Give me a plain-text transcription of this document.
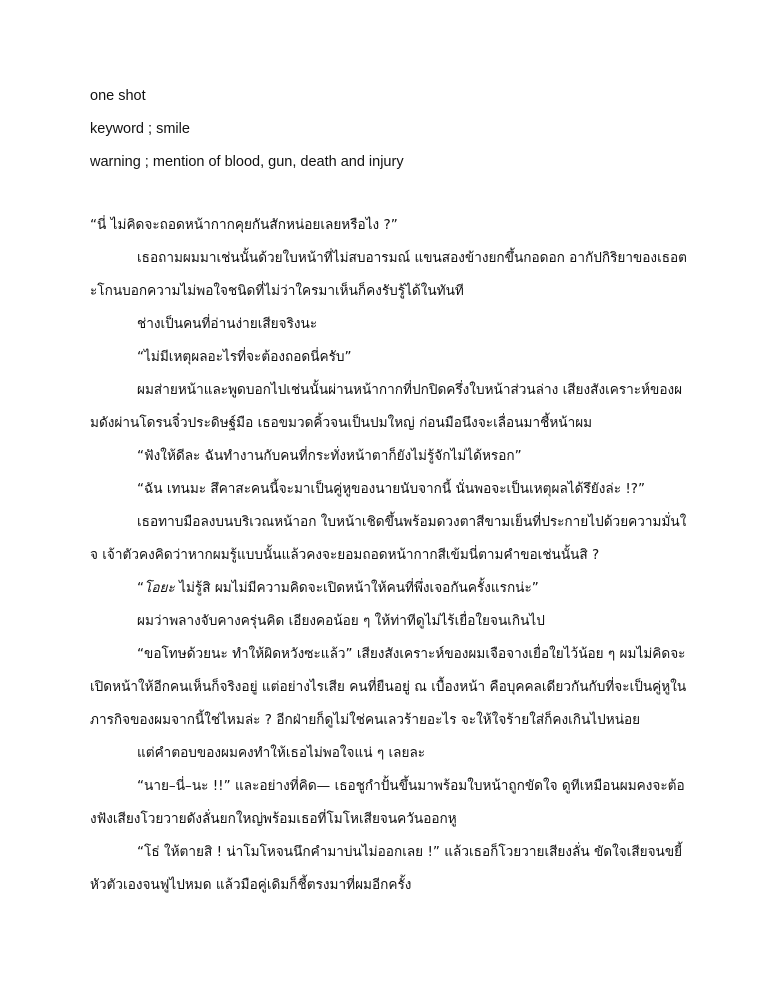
one shot

keyword ; smile

warning ; mention of blood, gun, death and injury

“นี่ ไม่คิดจะถอดหน้ากากคุยกันสักหน่อยเลยหรือไง ?”

เธอถามผมมาเช่นนั้นด้วยใบหน้าที่ไม่สบอารมณ์ แขนสองข้างยกขึ้นกอดอก อากัปกิริยาของเธอตะโกนบอกความไม่พอใจชนิดที่ไม่ว่าใครมาเห็นก็คงรับรู้ได้ในทันที

ช่างเป็นคนที่อ่านง่ายเสียจริงนะ

“ไม่มีเหตุผลอะไรที่จะต้องถอดนี่ครับ”

ผมส่ายหน้าและพูดบอกไปเช่นนั้นผ่านหน้ากากที่ปกปิดครึ่งใบหน้าส่วนล่าง เสียงสังเคราะห์ของผมดังผ่านโดรนจิ๋วประดิษฐ์มือ เธอขมวดคิ้วจนเป็นปมใหญ่ ก่อนมือนึงจะเลื่อนมาชี้หน้าผม

“ฟังให้ดีละ ฉันทำงานกับคนที่กระทั่งหน้าตาก็ยังไม่รู้จักไม่ได้หรอก”

“ฉัน เทนมะ สึคาสะคนนี้จะมาเป็นคู่หูของนายนับจากนี้ นั่นพอจะเป็นเหตุผลได้รึยังล่ะ !?”

เธอทาบมือลงบนบริเวณหน้าอก ใบหน้าเชิดขึ้นพร้อมดวงตาสีขามเย็นที่ประกายไปด้วยความมั่นใจ เจ้าตัวคงคิดว่าหากผมรู้แบบนั้นแล้วคงจะยอมถอดหน้ากากสีเข้มนี่ตามคำขอเช่นนั้นสิ ?

“โอยะ ไม่รู้สิ ผมไม่มีความคิดจะเปิดหน้าให้คนที่พึ่งเจอกันครั้งแรกน่ะ”

ผมว่าพลางจับคางครุ่นคิด เอียงคอน้อย ๆ ให้ท่าทีดูไม่ไร้เยื่อใยจนเกินไป

“ขอโทษด้วยนะ ทำให้ผิดหวังซะแล้ว” เสียงสังเคราะห์ของผมเจือจางเยื่อใยไว้น้อย ๆ ผมไม่คิดจะเปิดหน้าให้อีกคนเห็นก็จริงอยู่ แต่อย่างไรเสีย คนที่ยืนอยู่ ณ เบื้องหน้า คือบุคคลเดียวกันกับที่จะเป็นคู่หูในภารกิจของผมจากนี้ใช่ไหมล่ะ ? อีกฝ่ายก็ดูไม่ใช่คนเลวร้ายอะไร จะให้ใจร้ายใส่ก็คงเกินไปหน่อย

แต่คำตอบของผมคงทำให้เธอไม่พอใจแน่ ๆ เลยละ

“นาย–นี่–นะ !!” และอย่างที่คิด— เธอชูกำปั้นขึ้นมาพร้อมใบหน้าถูกขัดใจ ดูทีเหมือนผมคงจะต้องฟังเสียงโวยวายดังลั่นยกใหญ่พร้อมเธอที่โมโหเสียจนควันออกหู

“โธ่ ให้ตายสิ ! น่าโมโหจนนึกคำมาบ่นไม่ออกเลย !” แล้วเธอก็โวยวายเสียงลั่น ขัดใจเสียจนขยี้หัวตัวเองจนฟูไปหมด แล้วมือคู่เดิมก็ชี้ตรงมาที่ผมอีกครั้ง
